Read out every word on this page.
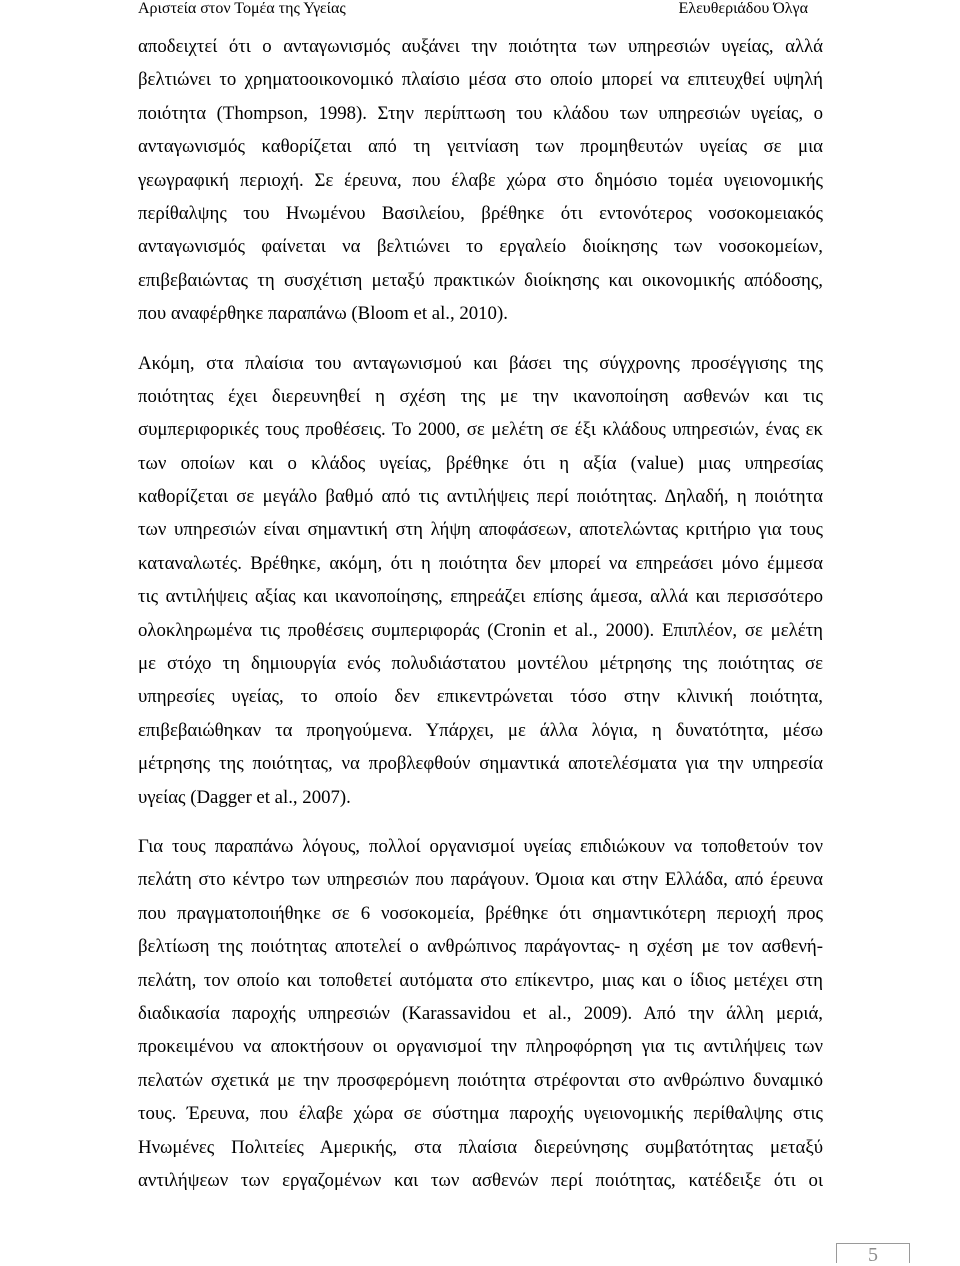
Αριστεία στον Τομέα της Υγείας	Ελευθεριάδου Όλγα
αποδειχτεί ότι ο ανταγωνισμός αυξάνει την ποιότητα των υπηρεσιών υγείας, αλλά
βελτιώνει το χρηματοοικονομικό πλαίσιο μέσα στο οποίο μπορεί να επιτευχθεί υψηλή
ποιότητα (Thompson, 1998). Στην περίπτωση του κλάδου των υπηρεσιών υγείας, ο
ανταγωνισμός καθορίζεται από τη γειτνίαση των προμηθευτών υγείας σε μια
γεωγραφική περιοχή. Σε έρευνα, που έλαβε χώρα στο δημόσιο τομέα υγειονομικής
περίθαλψης του Ηνωμένου Βασιλείου, βρέθηκε ότι εντονότερος νοσοκομειακός
ανταγωνισμός φαίνεται να βελτιώνει το εργαλείο διοίκησης των νοσοκομείων,
επιβεβαιώντας τη συσχέτιση μεταξύ πρακτικών διοίκησης και οικονομικής απόδοσης,
που αναφέρθηκε παραπάνω (Bloom et al., 2010).
Ακόμη, στα πλαίσια του ανταγωνισμού και βάσει της σύγχρονης προσέγγισης της
ποιότητας έχει διερευνηθεί η σχέση της με την ικανοποίηση ασθενών και τις
συμπεριφορικές τους προθέσεις. Το 2000, σε μελέτη σε έξι κλάδους υπηρεσιών, ένας εκ
των οποίων και ο κλάδος υγείας, βρέθηκε ότι η αξία (value) μιας υπηρεσίας
καθορίζεται σε μεγάλο βαθμό από τις αντιλήψεις περί ποιότητας. Δηλαδή, η ποιότητα
των υπηρεσιών είναι σημαντική στη λήψη αποφάσεων, αποτελώντας κριτήριο για τους
καταναλωτές. Βρέθηκε, ακόμη, ότι η ποιότητα δεν μπορεί να επηρεάσει μόνο έμμεσα
τις αντιλήψεις αξίας και ικανοποίησης, επηρεάζει επίσης άμεσα, αλλά και περισσότερο
ολοκληρωμένα τις προθέσεις συμπεριφοράς (Cronin et al., 2000). Επιπλέον, σε μελέτη
με στόχο τη δημιουργία ενός πολυδιάστατου μοντέλου μέτρησης της ποιότητας σε
υπηρεσίες υγείας, το οποίο δεν επικεντρώνεται τόσο στην κλινική ποιότητα,
επιβεβαιώθηκαν τα προηγούμενα. Υπάρχει, με άλλα λόγια, η δυνατότητα, μέσω
μέτρησης της ποιότητας, να προβλεφθούν σημαντικά αποτελέσματα για την υπηρεσία
υγείας (Dagger et al., 2007).
Για τους παραπάνω λόγους, πολλοί οργανισμοί υγείας επιδιώκουν να τοποθετούν τον
πελάτη στο κέντρο των υπηρεσιών που παράγουν. Όμοια και στην Ελλάδα, από έρευνα
που πραγματοποιήθηκε σε 6 νοσοκομεία, βρέθηκε ότι σημαντικότερη περιοχή προς
βελτίωση της ποιότητας αποτελεί ο ανθρώπινος παράγοντας- η σχέση με τον ασθενή-
πελάτη, τον οποίο και τοποθετεί αυτόματα στο επίκεντρο, μιας και ο ίδιος μετέχει στη
διαδικασία παροχής υπηρεσιών (Karassavidou et al., 2009). Από την άλλη μεριά,
προκειμένου να αποκτήσουν οι οργανισμοί την πληροφόρηση για τις αντιλήψεις των
πελατών σχετικά με την προσφερόμενη ποιότητα στρέφονται στο ανθρώπινο δυναμικό
τους. Έρευνα, που έλαβε χώρα σε σύστημα παροχής υγειονομικής περίθαλψης στις
Ηνωμένες Πολιτείες Αμερικής, στα πλαίσια διερεύνησης συμβατότητας μεταξύ
αντιλήψεων των εργαζομένων και των ασθενών περί ποιότητας, κατέδειξε ότι οι
5
